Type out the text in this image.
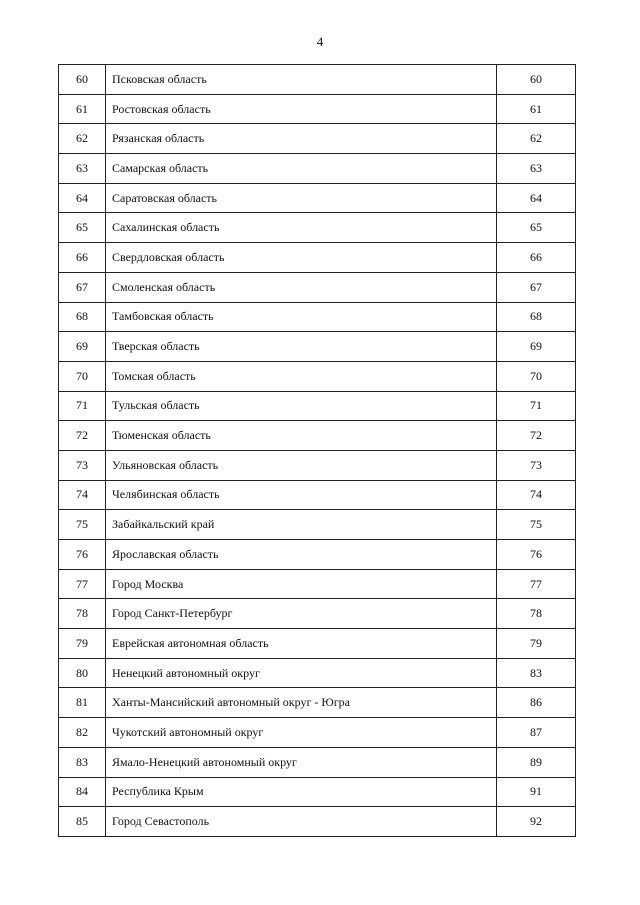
4
60	Псковская область	60
61	Ростовская область	61
62	Рязанская область	62
63	Самарская область	63
64	Саратовская область	64
65	Сахалинская область	65
66	Свердловская область	66
67	Смоленская область	67
68	Тамбовская область	68
69	Тверская область	69
70	Томская область	70
71	Тульская область	71
72	Тюменская область	72
73	Ульяновская область	73
74	Челябинская область	74
75	Забайкальский край	75
76	Ярославская область	76
77	Город Москва	77
78	Город Санкт-Петербург	78
79	Еврейская автономная область	79
80	Ненецкий автономный округ	83
81	Ханты-Мансийский автономный округ - Югра	86
82	Чукотский автономный округ	87
83	Ямало-Ненецкий автономный округ	89
84	Республика Крым	91
85	Город Севастополь	92
